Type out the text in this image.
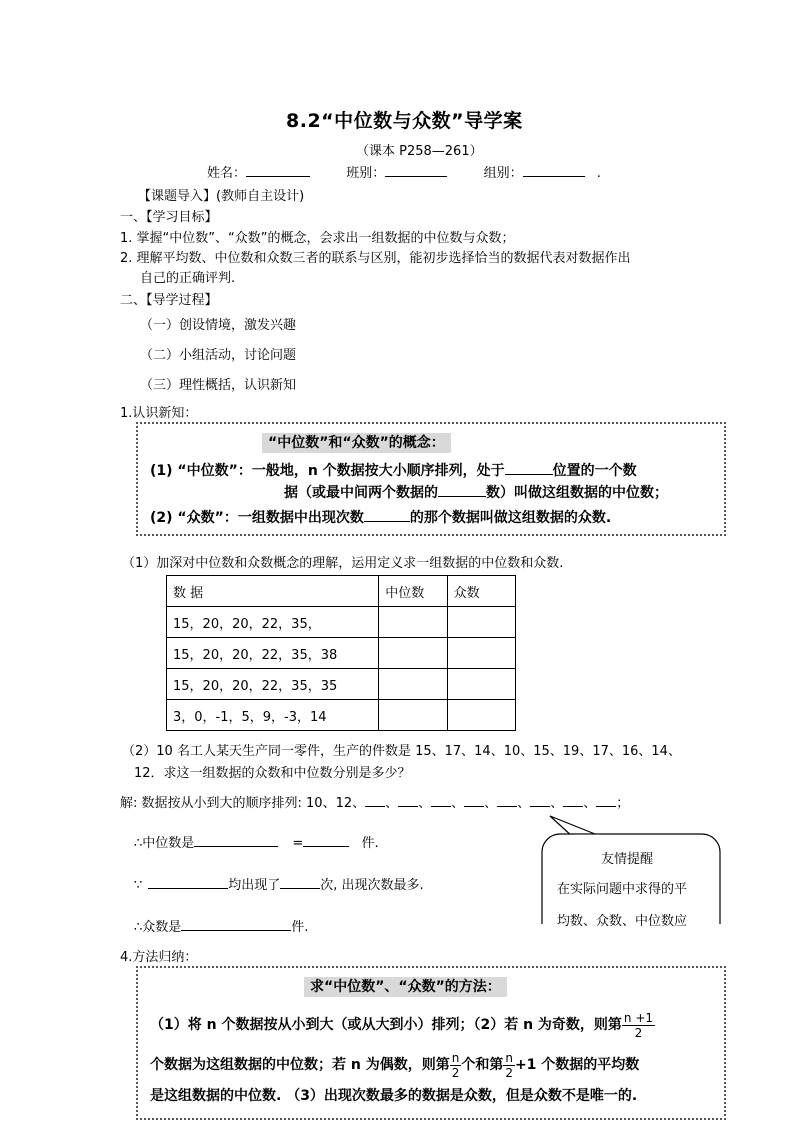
8.2“中位数与众数”导学案
（课本 P258—261）
姓名：	班别：	组别：	.
【课题导入】(教师自主设计)
一、【学习目标】
1. 掌握“中位数”、“众数”的概念，会求出一组数据的中位数与众数；
2. 理解平均数、中位数和众数三者的联系与区别，能初步选择恰当的数据代表对数据作出
自己的正确评判.
二、【导学过程】
（一）创设情境，激发兴趣
（二）小组活动，讨论问题
（三）理性概括，认识新知
1.认识新知：
“中位数”和“众数”的概念：
(1) “中位数”：一般地，n 个数据按大小顺序排列，处于	位置的一个数
据（或最中间两个数据的	数）叫做这组数据的中位数；
(2) “众数”：一组数据中出现次数	的那个数据叫做这组数据的众数.
（1）加深对中位数和众数概念的理解，运用定义求一组数据的中位数和众数.
数 据	中位数	众数
15，20，20，22，35，		
15，20，20，22，35，38		
15，20，20，22，35，35		
3，0，-1，5，9，-3，14		
（2）10 名工人某天生产同一零件，生产的件数是 15、17、14、10、15、19、17、16、14、
12．求这一组数据的众数和中位数分别是多少？
解: 数据按从小到大的顺序排列: 10、12、 、 、 、 、 、 、 、 ；
∴中位数是	=	件.
∵	均出现了	次, 出现次数最多.
∴众数是	件.
友情提醒
在实际问题中求得的平
4.方法归纳：
求“中位数”、“众数”的方法：
（1）将 n 个数据按从小到大（或从大到小）排列；（2）若 n 为奇数，则第 $\frac{n +1}{2}$
个数据为这组数据的中位数；若 n 为偶数，则第 $\frac{n}{2}$ 个和第 $\frac{n}{2} +1$ 个数据的平均数
是这组数据的中位数. （3）出现次数最多的数据是众数，但是众数不是唯一的.
